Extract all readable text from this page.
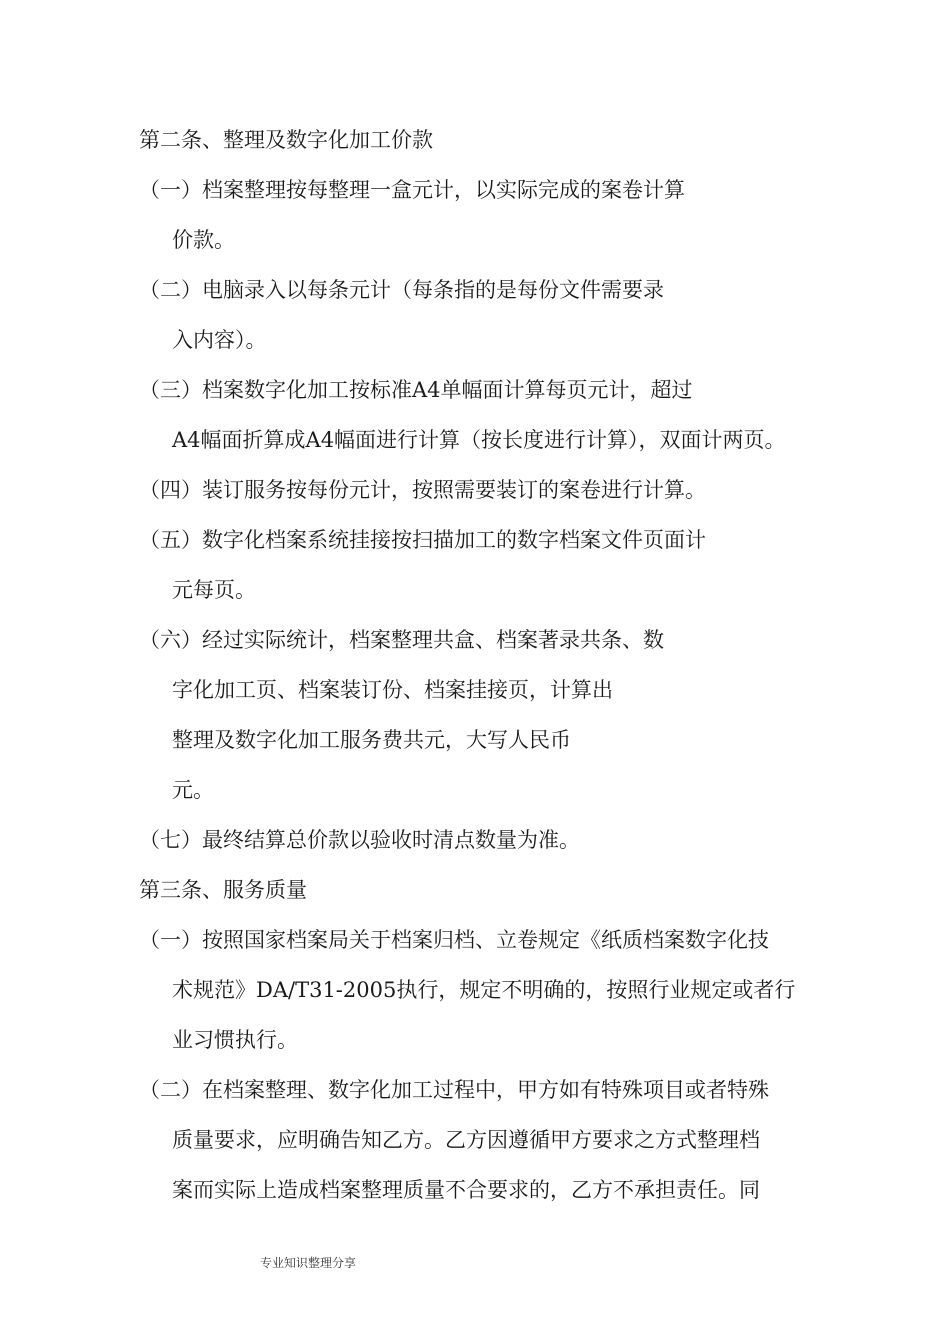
第二条、整理及数字化加工价款
（一）档案整理按每整理一盒元计，以实际完成的案卷计算
价款。
（二）电脑录入以每条元计（每条指的是每份文件需要录
入内容）。
（三）档案数字化加工按标准A4单幅面计算每页元计，超过
A4幅面折算成A4幅面进行计算（按长度进行计算），双面计两页。
（四）装订服务按每份元计，按照需要装订的案卷进行计算。
（五）数字化档案系统挂接按扫描加工的数字档案文件页面计
元每页。
（六）经过实际统计，档案整理共盒、档案著录共条、数
字化加工页、档案装订份、档案挂接页，计算出
整理及数字化加工服务费共元，大写人民币
元。
（七）最终结算总价款以验收时清点数量为准。
第三条、服务质量
（一）按照国家档案局关于档案归档、立卷规定《纸质档案数字化技
术规范》DA/T31-2005执行，规定不明确的，按照行业规定或者行
业习惯执行。
（二）在档案整理、数字化加工过程中，甲方如有特殊项目或者特殊
质量要求，应明确告知乙方。乙方因遵循甲方要求之方式整理档
案而实际上造成档案整理质量不合要求的，乙方不承担责任。同
专业知识整理分享
